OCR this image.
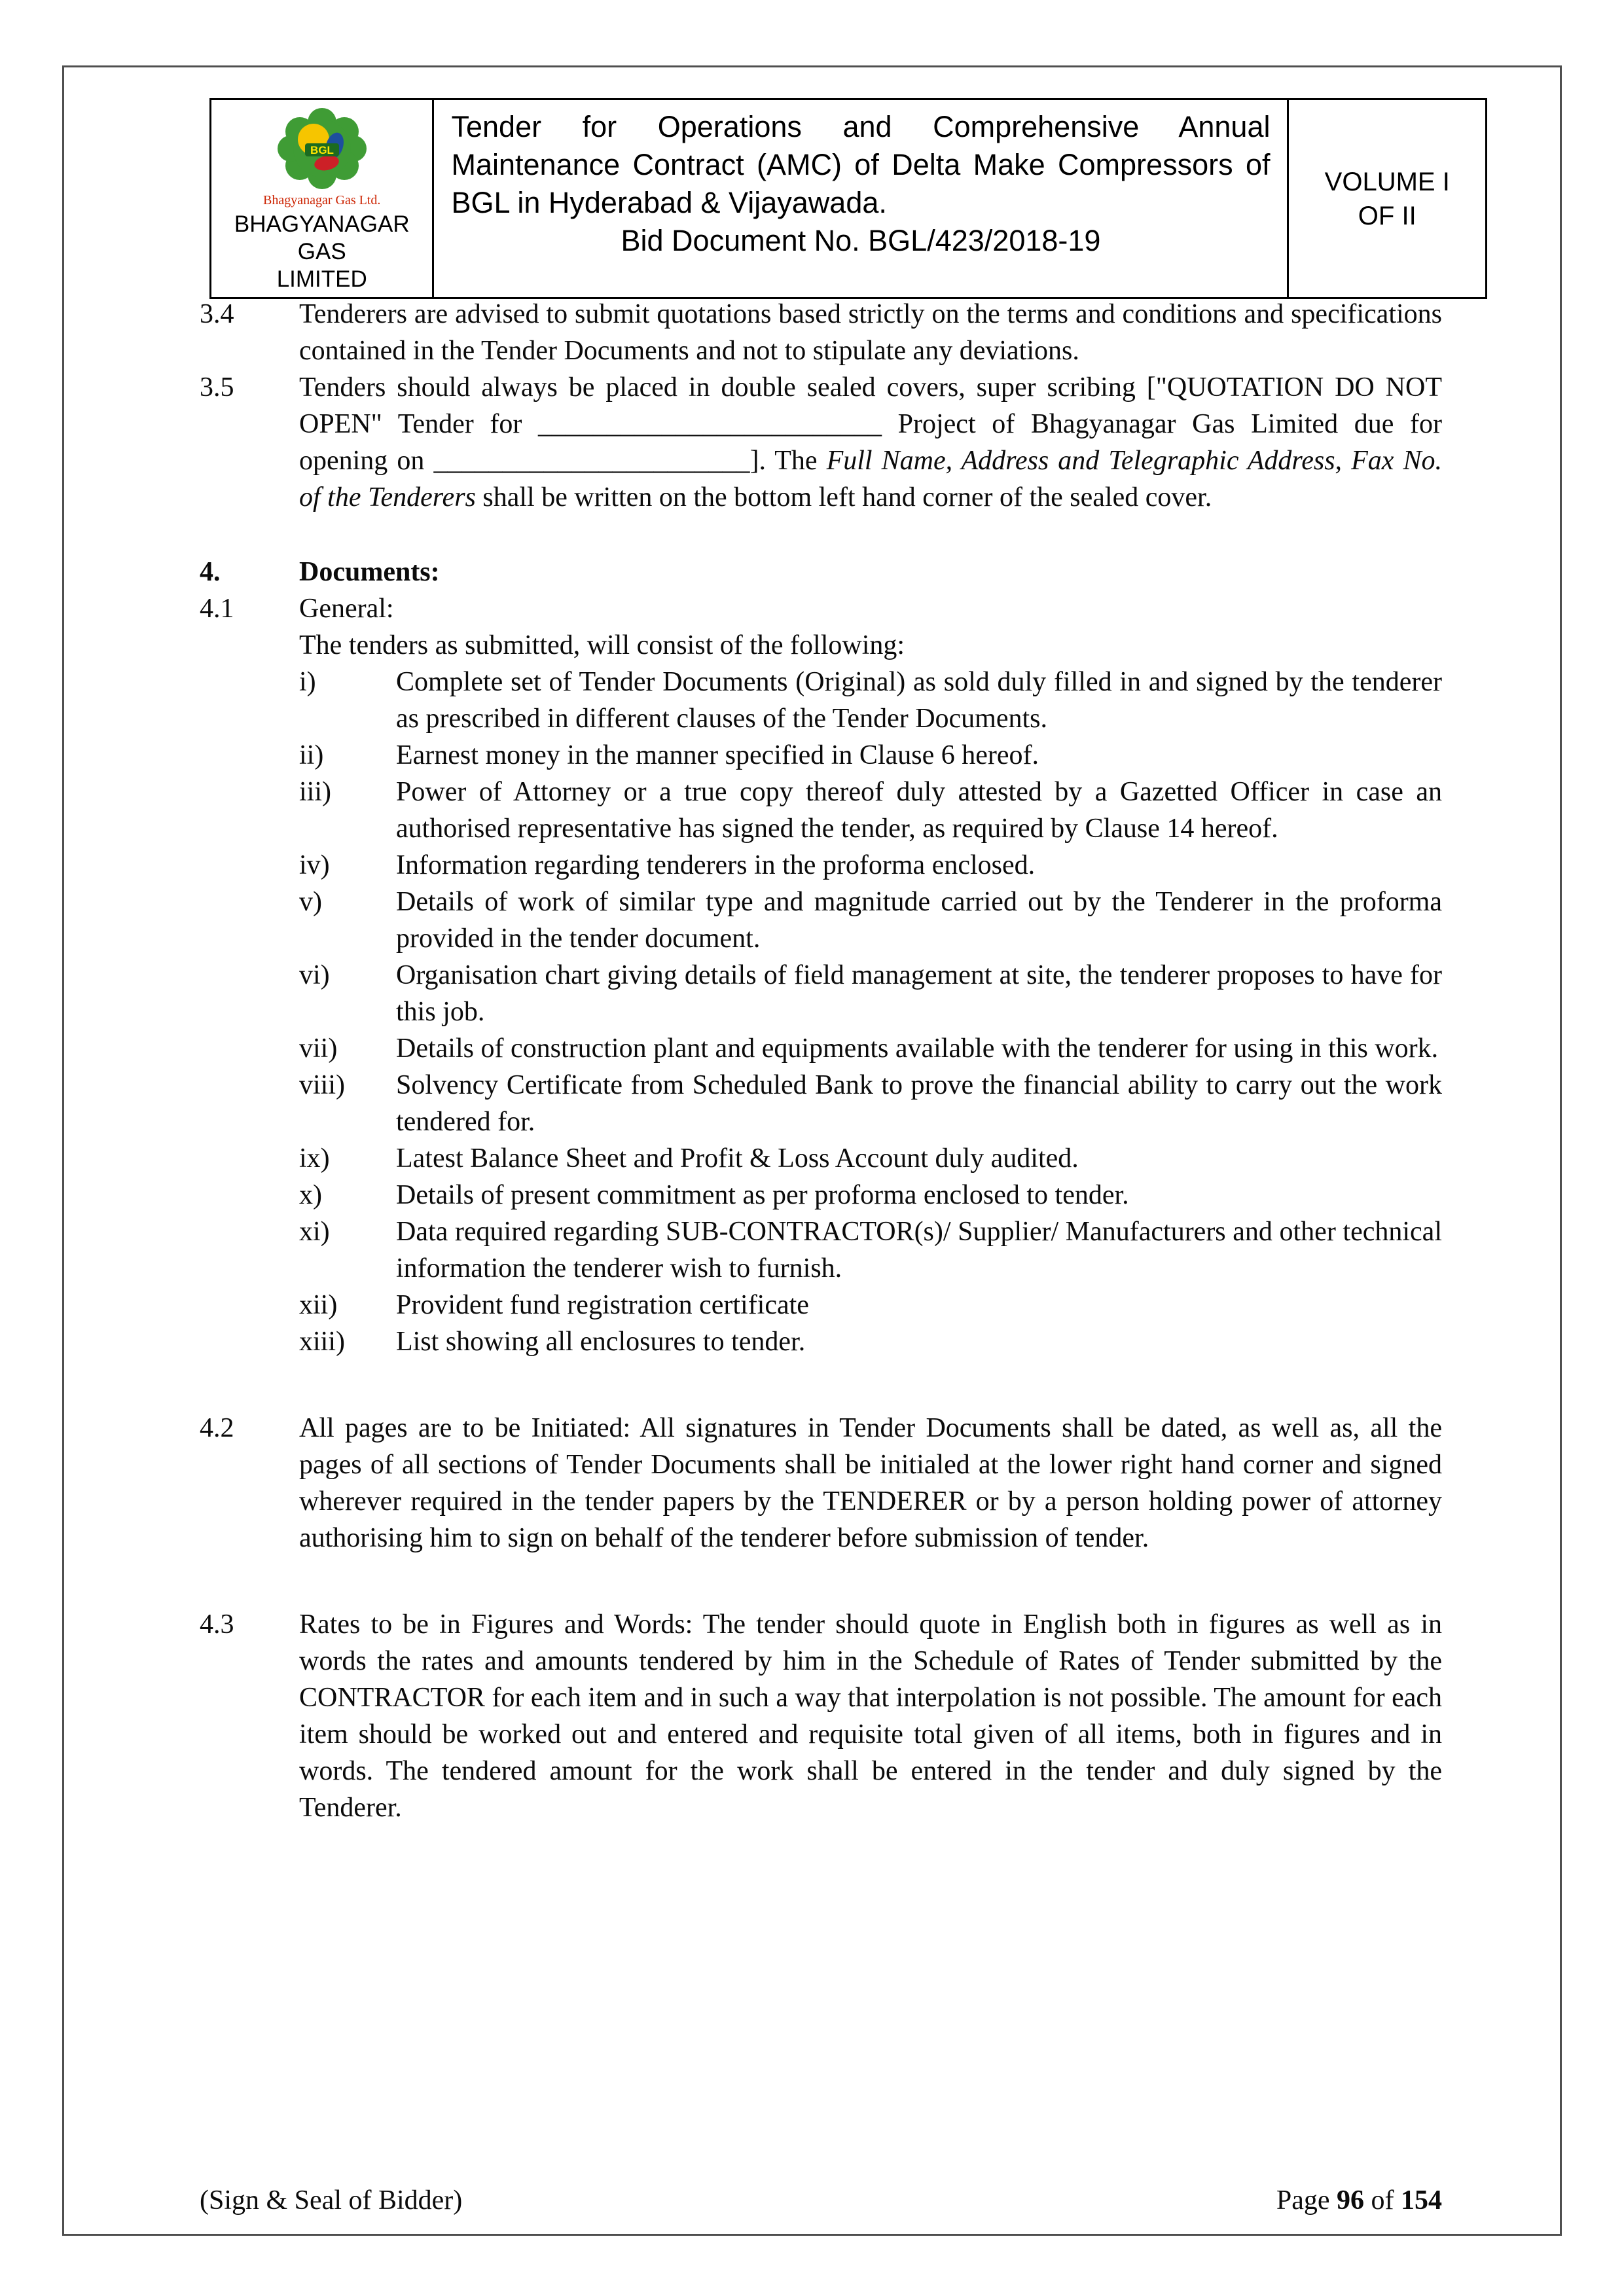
BGL
Bhagyanagar Gas Ltd.
BHAGYANAGAR GAS
LIMITED
Tender for Operations and Comprehensive Annual Maintenance Contract (AMC) of Delta Make Compressors of BGL in Hyderabad & Vijayawada.
Bid Document No. BGL/423/2018-19
VOLUME I
OF II
3.4	Tenderers are advised to submit quotations based strictly on the terms and conditions and specifications contained in the Tender Documents and not to stipulate any deviations.
3.5	Tenders should always be placed in double sealed covers, super scribing ["QUOTATION DO NOT OPEN" Tender for _________________________ Project of Bhagyanagar Gas Limited due for opening on _______________________]. The Full Name, Address and Telegraphic Address, Fax No. of the Tenderers shall be written on the bottom left hand corner of the sealed cover.
4.	Documents:
4.1	General:
The tenders as submitted, will consist of the following:
i)	Complete set of Tender Documents (Original) as sold duly filled in and signed by the tenderer as prescribed in different clauses of the Tender Documents.
ii)	Earnest money in the manner specified in Clause 6 hereof.
iii)	Power of Attorney or a true copy thereof duly attested by a Gazetted Officer in case an authorised representative has signed the tender, as required by Clause 14 hereof.
iv)	Information regarding tenderers in the proforma enclosed.
v)	Details of work of similar type and magnitude carried out by the Tenderer in the proforma provided in the tender document.
vi)	Organisation chart giving details of field management at site, the tenderer proposes to have for this job.
vii)	Details of construction plant and equipments available with the tenderer for using in this work.
viii)	Solvency Certificate from Scheduled Bank to prove the financial ability to carry out the work tendered for.
ix)	Latest Balance Sheet and Profit & Loss Account duly audited.
x)	Details of present commitment as per proforma enclosed to tender.
xi)	Data required regarding SUB-CONTRACTOR(s)/ Supplier/ Manufacturers and other technical information the tenderer wish to furnish.
xii)	Provident fund registration certificate
xiii)	List showing all enclosures to tender.
4.2	All pages are to be Initiated: All signatures in Tender Documents shall be dated, as well as, all the pages of all sections of Tender Documents shall be initialed at the lower right hand corner and signed wherever required in the tender papers by the TENDERER or by a person holding power of attorney authorising him to sign on behalf of the tenderer before submission of tender.
4.3	Rates to be in Figures and Words: The tender should quote in English both in figures as well as in words the rates and amounts tendered by him in the Schedule of Rates of Tender submitted by the CONTRACTOR for each item and in such a way that interpolation is not possible. The amount for each item should be worked out and entered and requisite total given of all items, both in figures and in words. The tendered amount for the work shall be entered in the tender and duly signed by the Tenderer.
(Sign & Seal of Bidder)	Page 96 of 154
